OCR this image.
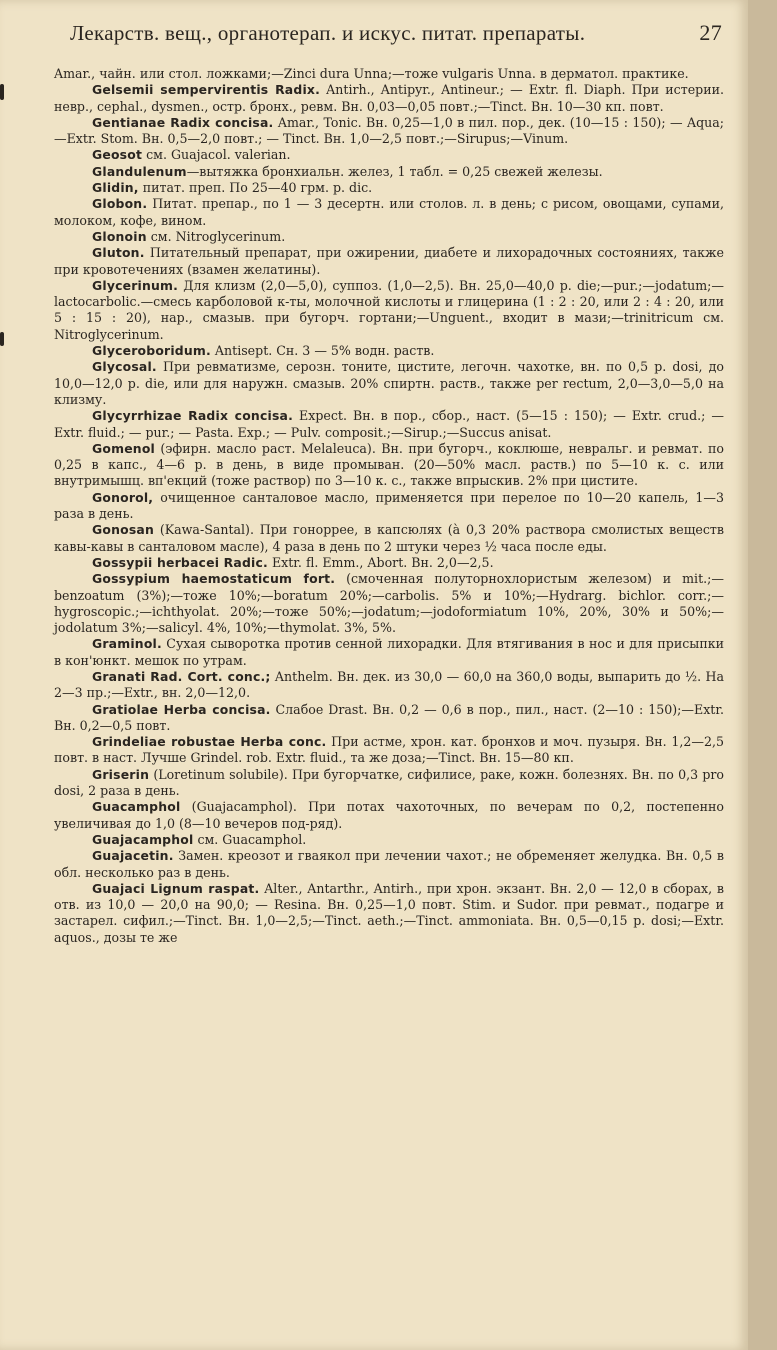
Лекарств. вещ., органотерап. и искус. питат. препараты.	27

Amar., чайн. или стол. ложками;—Zinci dura Unna;—тоже vulgaris Unna. в дерматол. практике.

Gelsemii sempervirentis Radix. Antirh., Antipyr., Antineur.; — Extr. fl. Diaph. При истерии. невр., cephal., dysmen., остр. бронх., ревм. Вн. 0,03—0,05 повт.;—Tinct. Вн. 10—30 кп. повт.

Gentianae Radix concisa. Amar., Tonic. Вн. 0,25—1,0 в пил. пор., дек. (10—15 : 150); — Aqua;—Extr. Stom. Вн. 0,5—2,0 повт.; — Tinct. Вн. 1,0—2,5 повт.;—Sirupus;—Vinum.

Geosot см. Guajacol. valerian.

Glandulenum—вытяжка бронхиальн. желез, 1 табл. = 0,25 свежей железы.

Glidin, питат. преп. По 25—40 грм. р. dic.

Globon. Питат. препар., по 1 — 3 десертн. или столов. л. в день; с рисом, овощами, супами, молоком, кофе, вином.

Glonoin см. Nitroglycerinum.

Gluton. Питательный препарат, при ожирении, диабете и лихорадочных состояниях, также при кровотечениях (взамен желатины).

Glycerinum. Для клизм (2,0—5,0), суппоз. (1,0—2,5). Вн. 25,0—40,0 р. die;—pur.;—jodatum;—lactocarbolic.—смесь карболовой к-ты, молочной кислоты и глицерина (1 : 2 : 20, или 2 : 4 : 20, или 5 : 15 : 20), нар., смазыв. при бугорч. гортани;—Unguent., входит в мази;—trinitricum см. Nitroglycerinum.

Glyceroboridum. Antisept. Сн. 3 — 5% водн. раств.

Glycosal. При ревматизме, серозн. тоните, цистите, легочн. чахотке, вн. по 0,5 р. dosi, до 10,0—12,0 р. die, или для наружн. смазыв. 20% спиртн. раств., также per rectum, 2,0—3,0—5,0 на клизму.

Glycyrrhizae Radix concisa. Expect. Вн. в пор., сбор., наст. (5—15 : 150); — Extr. crud.; — Extr. fluid.; — pur.; — Pasta. Exp.; — Pulv. composit.;—Sirup.;—Succus anisat.

Gomenol (эфирн. масло раст. Melaleuca). Вн. при бугорч., коклюше, невральг. и ревмат. по 0,25 в капс., 4—6 р. в день, в виде промыван. (20—50% масл. раств.) по 5—10 к. с. или внутримышц. вп'екций (тоже раствор) по 3—10 к. с., также впрыскив. 2% при цистите.

Gonorol, очищенное сантaловое масло, применяется при перелое по 10—20 капель, 1—3 раза в день.

Gonosan (Kawa-Santal). При гонорpee, в капсюлях (à 0,3 20% раствора смолистых веществ кавы-кавы в сантaловом масле), 4 раза в день по 2 штуки через ½ часа после еды.

Gossypii herbacei Radic. Extr. fl. Emm., Abort. Вн. 2,0—2,5.

Gossypium haemostaticum fort. (смоченная полуторнохлористым железом) и mit.;—benzoatum (3%);—тоже 10%;—boratum 20%;—carbolis. 5% и 10%;—Hydrarg. bichlor. corr.;—hygroscopic.;—ichthyolat. 20%;—тоже 50%;—jodatum;—jodoformiatum 10%, 20%, 30% и 50%;—jodolatum 3%;—salicyl. 4%, 10%;—thymolat. 3%, 5%.

Graminol. Сухая сыворотка против сенной лихорадки. Для втягивания в нос и для присыпки в кон'юнкт. мешок по утрам.

Granati Rad. Cort. conc.; Anthelm. Вн. дек. из 30,0 — 60,0 на 360,0 воды, выпарить до ½. На 2—3 пр.;—Extr., вн. 2,0—12,0.

Gratiolae Herba concisa. Слабое Drast. Вн. 0,2 — 0,6 в пор., пил., наст. (2—10 : 150);—Extr. Вн. 0,2—0,5 повт.

Grindeliae robustae Herba conc. При астме, хрон. кат. бронхов и моч. пузыря. Вн. 1,2—2,5 повт. в наст. Лучше Grindel. rob. Extr. fluid., та же доза;—Tinct. Вн. 15—80 кп.

Griserin (Loretinum solubile). При бугорчатке, сифилисе, раке, кожн. болезнях. Вн. по 0,3 pro dosi, 2 раза в день.

Guacamphol (Guajacamphol). При потах чахоточных, по вечерам по 0,2, постепенно увеличивая до 1,0 (8—10 вечеров под-ряд).

Guajacamphol см. Guacamphol.

Guajacetin. Замен. креозот и гваякол при лечении чахот.; не обременяет желудка. Вн. 0,5 в обл. несколько раз в день.

Guajaci Lignum raspat. Alter., Antarthr., Antirh., при хрон. экзант. Вн. 2,0 — 12,0 в сборах, в отв. из 10,0 — 20,0 на 90,0; — Resina. Вн. 0,25—1,0 повт. Stim. и Sudor. при ревмат., подагре и застарел. сифил.;—Tinct. Вн. 1,0—2,5;—Tinct. aeth.;—Tinct. ammoniata. Вн. 0,5—0,15 р. dosi;—Extr. aquos., дозы те же
